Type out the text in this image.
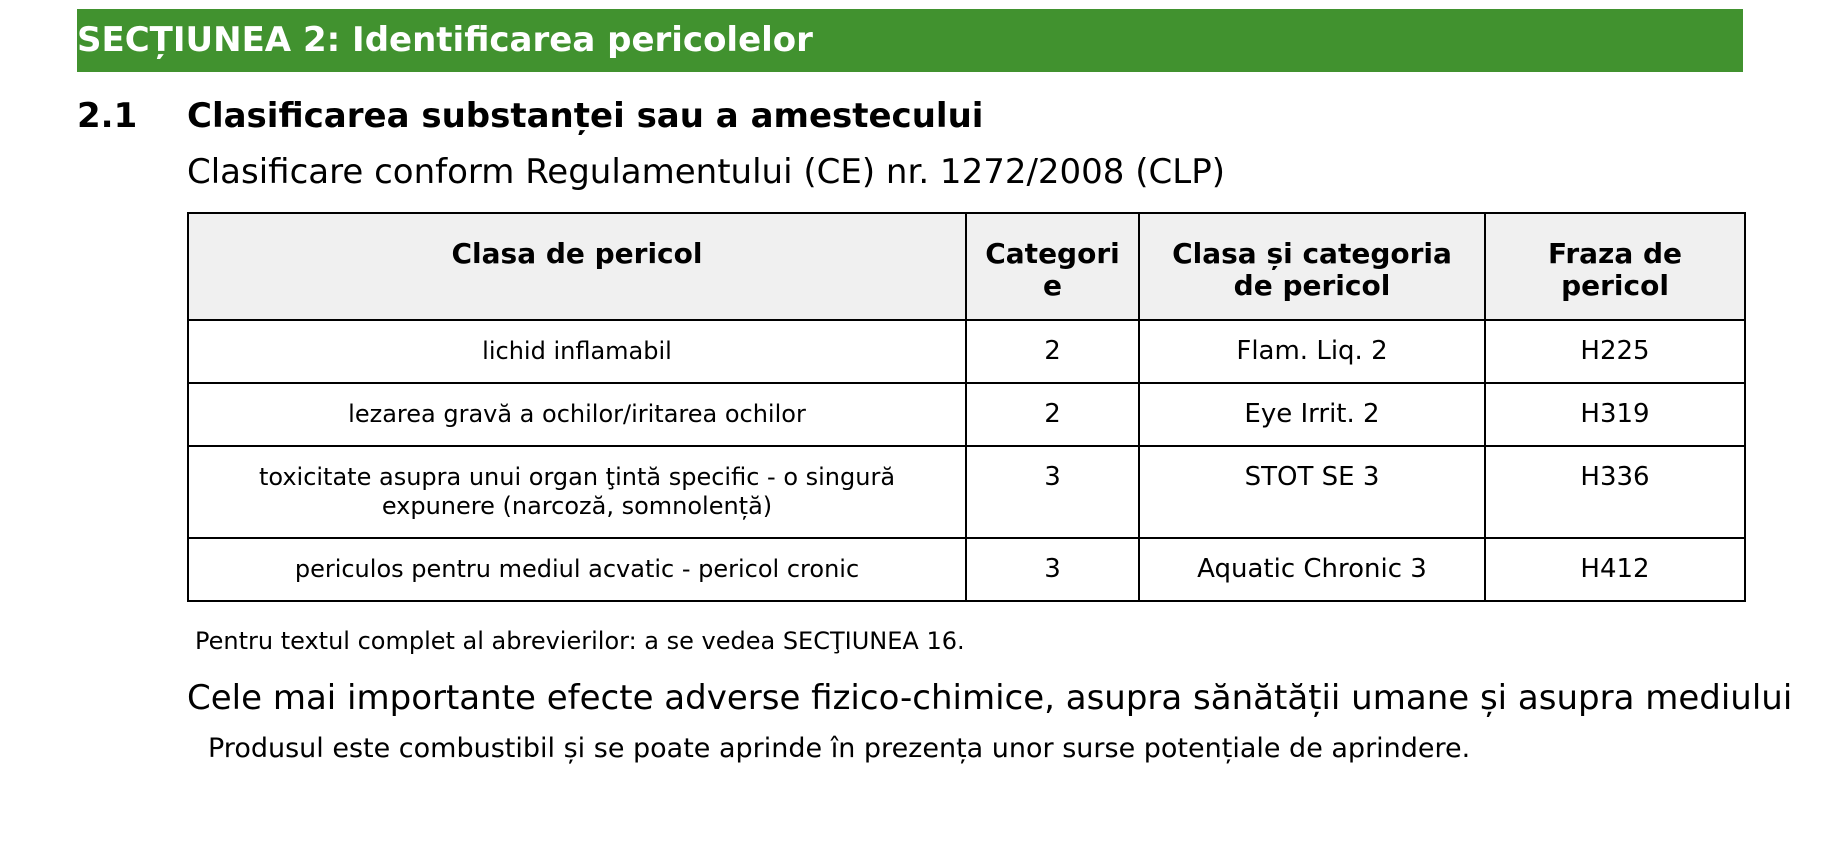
SECȚIUNEA 2: Identificarea pericolelor
2.1	Clasificarea substanței sau a amestecului
Clasificare conform Regulamentului (CE) nr. 1272/2008 (CLP)
Clasa de pericol	Categori e	Clasa și categoria de pericol	Fraza de pericol
lichid inflamabil	2	Flam. Liq. 2	H225
lezarea gravă a ochilor/iritarea ochilor	2	Eye Irrit. 2	H319
toxicitate asupra unui organ ţintă specific - o singură expunere (narcoză, somnolență)	3	STOT SE 3	H336
periculos pentru mediul acvatic - pericol cronic	3	Aquatic Chronic 3	H412
Pentru textul complet al abrevierilor: a se vedea SECŢIUNEA 16.
Cele mai importante efecte adverse fizico-chimice, asupra sănătății umane și asupra mediului
Produsul este combustibil și se poate aprinde în prezența unor surse potențiale de aprindere.
